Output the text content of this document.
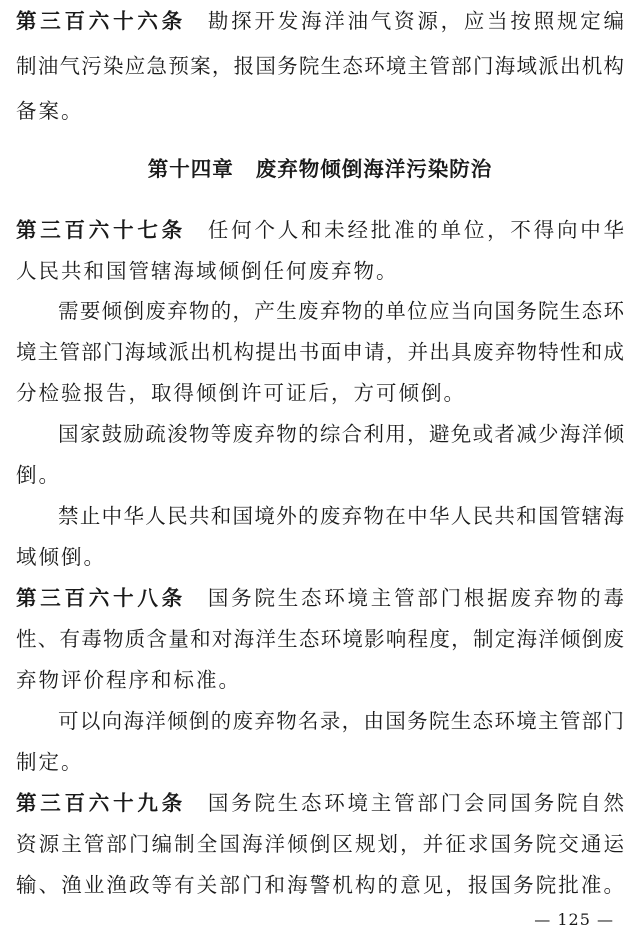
第三百六十六条 勘探开发海洋油气资源，应当按照规定编
制油气污染应急预案，报国务院生态环境主管部门海域派出机构
备案。
第十四章 废弃物倾倒海洋污染防治
第三百六十七条 任何个人和未经批准的单位，不得向中华
人民共和国管辖海域倾倒任何废弃物。
需要倾倒废弃物的，产生废弃物的单位应当向国务院生态环
境主管部门海域派出机构提出书面申请，并出具废弃物特性和成
分检验报告，取得倾倒许可证后，方可倾倒。
国家鼓励疏浚物等废弃物的综合利用，避免或者减少海洋倾
倒。
禁止中华人民共和国境外的废弃物在中华人民共和国管辖海
域倾倒。
第三百六十八条 国务院生态环境主管部门根据废弃物的毒
性、有毒物质含量和对海洋生态环境影响程度，制定海洋倾倒废
弃物评价程序和标准。
可以向海洋倾倒的废弃物名录，由国务院生态环境主管部门
制定。
第三百六十九条 国务院生态环境主管部门会同国务院自然
资源主管部门编制全国海洋倾倒区规划，并征求国务院交通运
输、渔业渔政等有关部门和海警机构的意见，报国务院批准。
— 125 —
